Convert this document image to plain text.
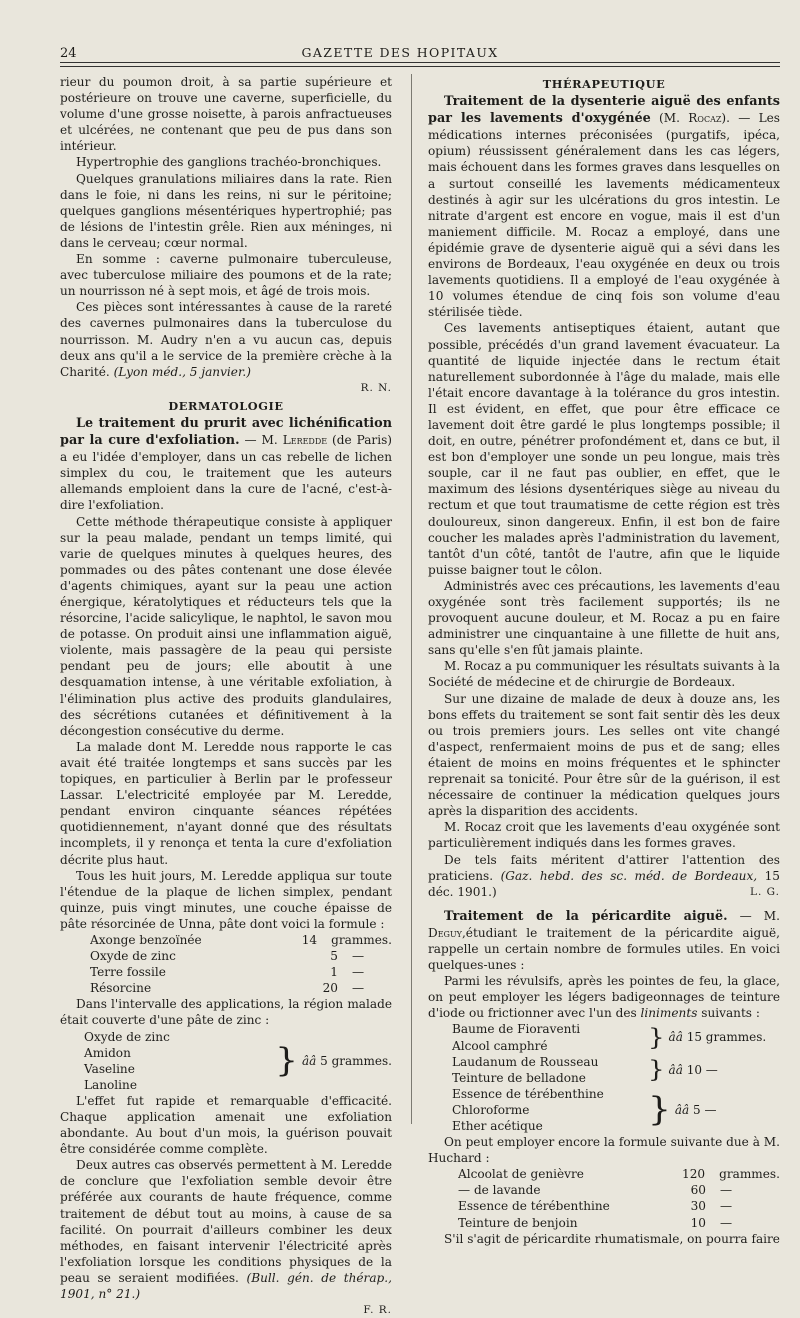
24	GAZETTE DES HOPITAUX

rieur du poumon droit, à sa partie supérieure et postérieure on trouve une caverne, superficielle, du volume d'une grosse noisette, à parois anfractueuses et ulcérées, ne contenant que peu de pus dans son intérieur.

Hypertrophie des ganglions trachéo-bronchiques.

Quelques granulations miliaires dans la rate. Rien dans le foie, ni dans les reins, ni sur le péritoine; quelques ganglions mésentériques hypertrophié; pas de lésions de l'intestin grêle. Rien aux méninges, ni dans le cerveau; cœur normal.

En somme : caverne pulmonaire tuberculeuse, avec tuberculose miliaire des poumons et de la rate; un nourrisson né à sept mois, et âgé de trois mois.

Ces pièces sont intéressantes à cause de la rareté des cavernes pulmonaires dans la tuberculose du nourrisson. M. Audry n'en a vu aucun cas, depuis deux ans qu'il a le service de la première crèche à la Charité. (Lyon méd., 5 janvier.)

R. N.
DERMATOLOGIE

Le traitement du prurit avec lichénification par la cure d'exfoliation. — M. Leredde (de Paris) a eu l'idée d'employer, dans un cas rebelle de lichen simplex du cou, le traitement que les auteurs allemands emploient dans la cure de l'acné, c'est-à-dire l'exfoliation.

Cette méthode thérapeutique consiste à appliquer sur la peau malade, pendant un temps limité, qui varie de quelques minutes à quelques heures, des pommades ou des pâtes contenant une dose élevée d'agents chimiques, ayant sur la peau une action énergique, kératolytiques et réducteurs tels que la résorcine, l'acide salicylique, le naphtol, le savon mou de potasse. On produit ainsi une inflammation aiguë, violente, mais passagère de la peau qui persiste pendant peu de jours; elle aboutit à une desquamation intense, à une véritable exfoliation, à l'élimination plus active des produits glandulaires, des sécrétions cutanées et définitivement à la décongestion consécutive du derme.

La malade dont M. Leredde nous rapporte le cas avait été traitée longtemps et sans succès par les topiques, en particulier à Berlin par le professeur Lassar. L'electricité employée par M. Leredde, pendant environ cinquante séances répétées quotidiennement, n'ayant donné que des résultats incomplets, il y renonça et tenta la cure d'exfoliation décrite plus haut.

Tous les huit jours, M. Leredde appliqua sur toute l'étendue de la plaque de lichen simplex, pendant quinze, puis vingt minutes, une couche épaisse de pâte résorcinée de Unna, pâte dont voici la formule :

Axonge benzoïnée	14 grammes.
Oxyde de zinc	5 —
Terre fossile	1 —
Résorcine	20 —

Dans l'intervalle des applications, la région malade était couverte d'une pâte de zinc :

Oxyde de zinc
Amidon
Vaseline
Lanoline
} ââ 5 grammes.

L'effet fut rapide et remarquable d'efficacité. Chaque application amenait une exfoliation abondante. Au bout d'un mois, la guérison pouvait être considérée comme complète.

Deux autres cas observés permettent à M. Leredde de conclure que l'exfoliation semble devoir être préférée aux courants de haute fréquence, comme traitement de début tout au moins, à cause de sa facilité. On pourrait d'ailleurs combiner les deux méthodes, en faisant intervenir l'électricité après l'exfoliation lorsque les conditions physiques de la peau se seraient modifiées. (Bull. gén. de thérap., 1901, n° 21.)

F. R.
THÉRAPEUTIQUE

Traitement de la dysenterie aiguë des enfants par les lavements d'oxygénée (M. Rocaz). — Les médications internes préconisées (purgatifs, ipéca, opium) réussissent généralement dans les cas légers, mais échouent dans les formes graves dans lesquelles on a surtout conseillé les lavements médicamenteux destinés à agir sur les ulcérations du gros intestin. Le nitrate d'argent est encore en vogue, mais il est d'un maniement difficile. M. Rocaz a employé, dans une épidémie grave de dysenterie aiguë qui a sévi dans les environs de Bordeaux, l'eau oxygénée en deux ou trois lavements quotidiens. Il a employé de l'eau oxygénée à 10 volumes étendue de cinq fois son volume d'eau stérilisée tiède.

Ces lavements antiseptiques étaient, autant que possible, précédés d'un grand lavement évacuateur. La quantité de liquide injectée dans le rectum était naturellement subordonnée à l'âge du malade, mais elle l'était encore davantage à la tolérance du gros intestin. Il est évident, en effet, que pour être efficace ce lavement doit être gardé le plus longtemps possible; il doit, en outre, pénétrer profondément et, dans ce but, il est bon d'employer une sonde un peu longue, mais très souple, car il ne faut pas oublier, en effet, que le maximum des lésions dysentériques siège au niveau du rectum et que tout traumatisme de cette région est très douloureux, sinon dangereux. Enfin, il est bon de faire coucher les malades après l'administration du lavement, tantôt d'un côté, tantôt de l'autre, afin que le liquide puisse baigner tout le côlon.

Administrés avec ces précautions, les lavements d'eau oxygénée sont très facilement supportés; ils ne provoquent aucune douleur, et M. Rocaz a pu en faire administrer une cinquantaine à une fillette de huit ans, sans qu'elle s'en fût jamais plainte.

M. Rocaz a pu communiquer les résultats suivants à la Société de médecine et de chirurgie de Bordeaux.

Sur une dizaine de malade de deux à douze ans, les bons effets du traitement se sont fait sentir dès les deux ou trois premiers jours. Les selles ont vite changé d'aspect, renfermaient moins de pus et de sang; elles étaient de moins en moins fréquentes et le sphincter reprenait sa tonicité. Pour être sûr de la guérison, il est nécessaire de continuer la médication quelques jours après la disparition des accidents.

M. Rocaz croit que les lavements d'eau oxygénée sont particulièrement indiqués dans les formes graves.

De tels faits méritent d'attirer l'attention des praticiens. (Gaz. hebd. des sc. méd. de Bordeaux, 15 déc. 1901.)	L. G.

Traitement de la péricardite aiguë. — M. Deguy,étudiant le traitement de la péricardite aiguë, rappelle un certain nombre de formules utiles. En voici quelques-unes :

Parmi les révulsifs, après les pointes de feu, la glace, on peut employer les légers badigeonnages de teinture d'iode ou frictionner avec l'un des liniments suivants :

Baume de Fioraventi
Alcool camphré	} ââ 15 grammes.
Laudanum de Rousseau
Teinture de belladone	} ââ 10 —
Essence de térébenthine
Chloroforme
Ether acétique	} ââ 5 —

On peut employer encore la formule suivante due à M. Huchard :

Alcoolat de genièvre	120 grammes.
— de lavande	60 —
Essence de térébenthine	30 —
Teinture de benjoin	10 —

S'il s'agit de péricardite rhumatismale, on pourra faire
